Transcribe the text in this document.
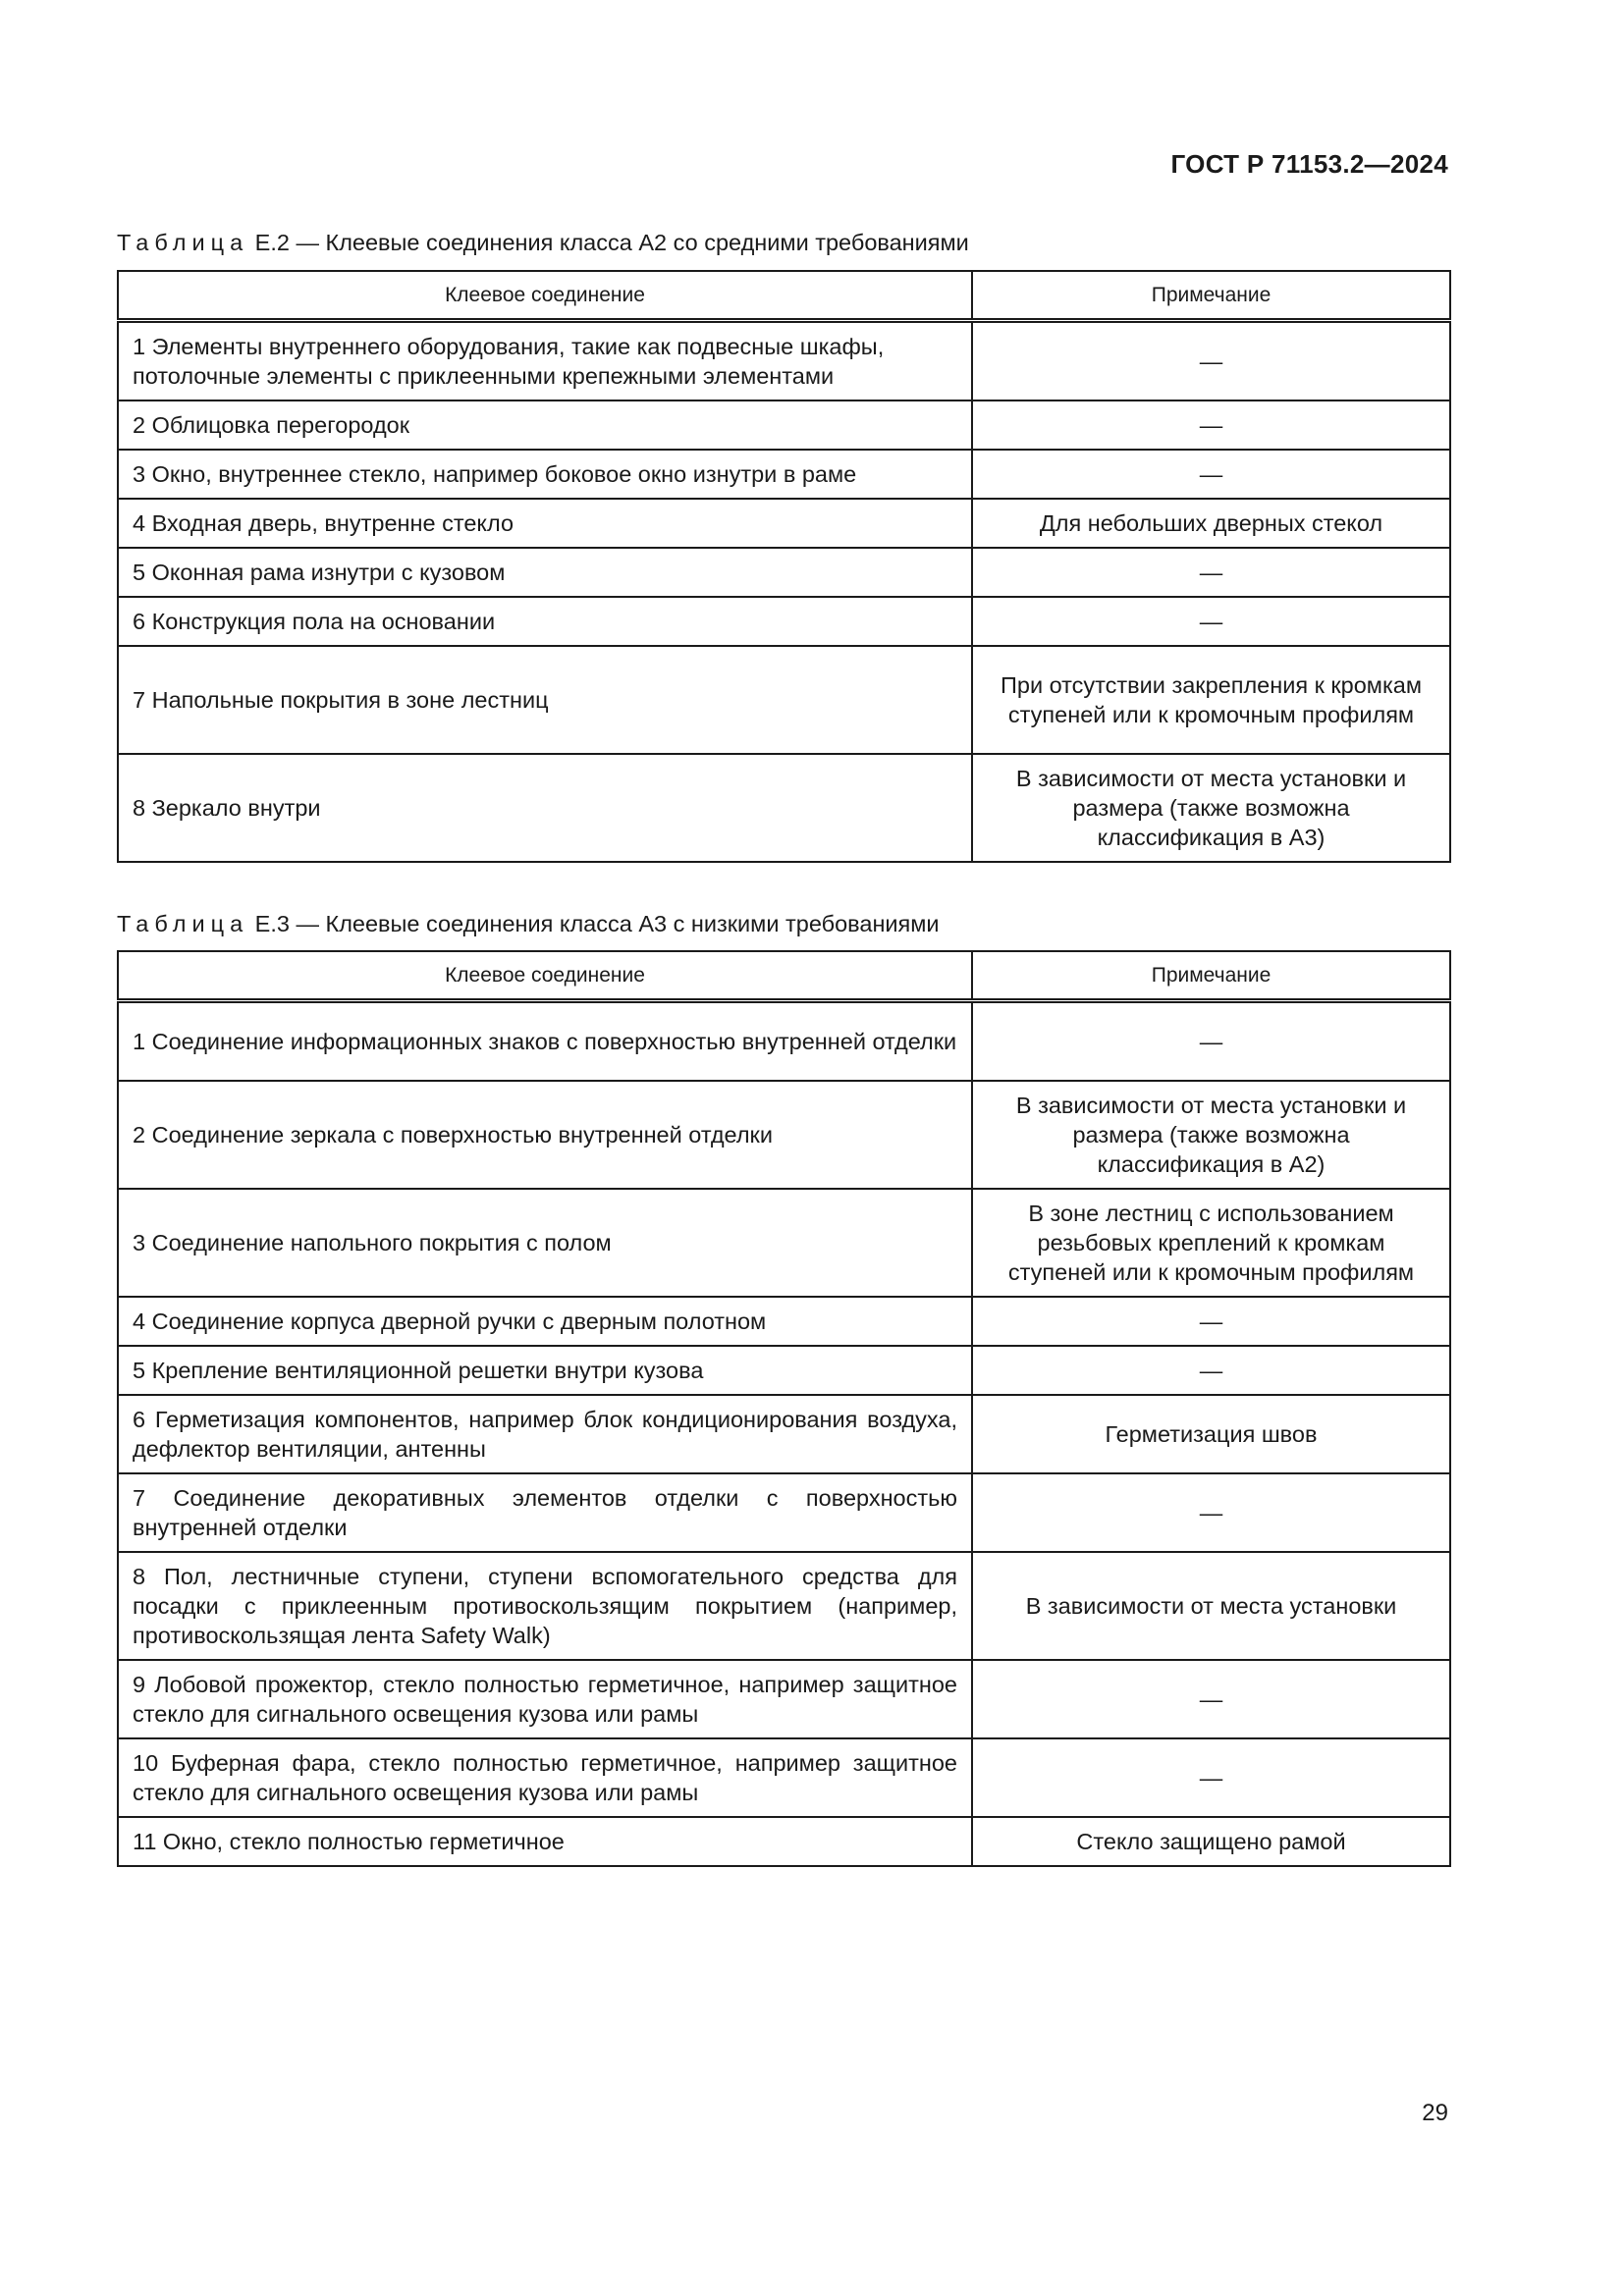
ГОСТ Р 71153.2—2024
Таблица Е.2 — Клеевые соединения класса А2 со средними требованиями
Клеевое соединение	Примечание
1 Элементы внутреннего оборудования, такие как подвесные шкафы, потолочные элементы с приклеенными крепежными элементами	—
2 Облицовка перегородок	—
3 Окно, внутреннее стекло, например боковое окно изнутри в раме	—
4 Входная дверь, внутренне стекло	Для небольших дверных стекол
5 Оконная рама изнутри с кузовом	—
6 Конструкция пола на основании	—
7 Напольные покрытия в зоне лестниц	При отсутствии закрепления к кромкам ступеней или к кромочным профилям
8 Зеркало внутри	В зависимости от места установки и размера (также возможна классификация в А3)
Таблица Е.3 — Клеевые соединения класса А3 с низкими требованиями
Клеевое соединение	Примечание
1 Соединение информационных знаков с поверхностью внутренней отделки	—
2 Соединение зеркала с поверхностью внутренней отделки	В зависимости от места установки и размера (также возможна классификация в А2)
3 Соединение напольного покрытия с полом	В зоне лестниц с использованием резьбовых креплений к кромкам ступеней или к кромочным профилям
4 Соединение корпуса дверной ручки с дверным полотном	—
5 Крепление вентиляционной решетки внутри кузова	—
6 Герметизация компонентов, например блок кондиционирования воздуха, дефлектор вентиляции, антенны	Герметизация швов
7 Соединение декоративных элементов отделки с поверхностью внутренней отделки	—
8 Пол, лестничные ступени, ступени вспомогательного средства для посадки с приклеенным противоскользящим покрытием (например, противоскользящая лента Safety Walk)	В зависимости от места установки
9 Лобовой прожектор, стекло полностью герметичное, например защитное стекло для сигнального освещения кузова или рамы	—
10 Буферная фара, стекло полностью герметичное, например защитное стекло для сигнального освещения кузова или рамы	—
11 Окно, стекло полностью герметичное	Стекло защищено рамой
29
